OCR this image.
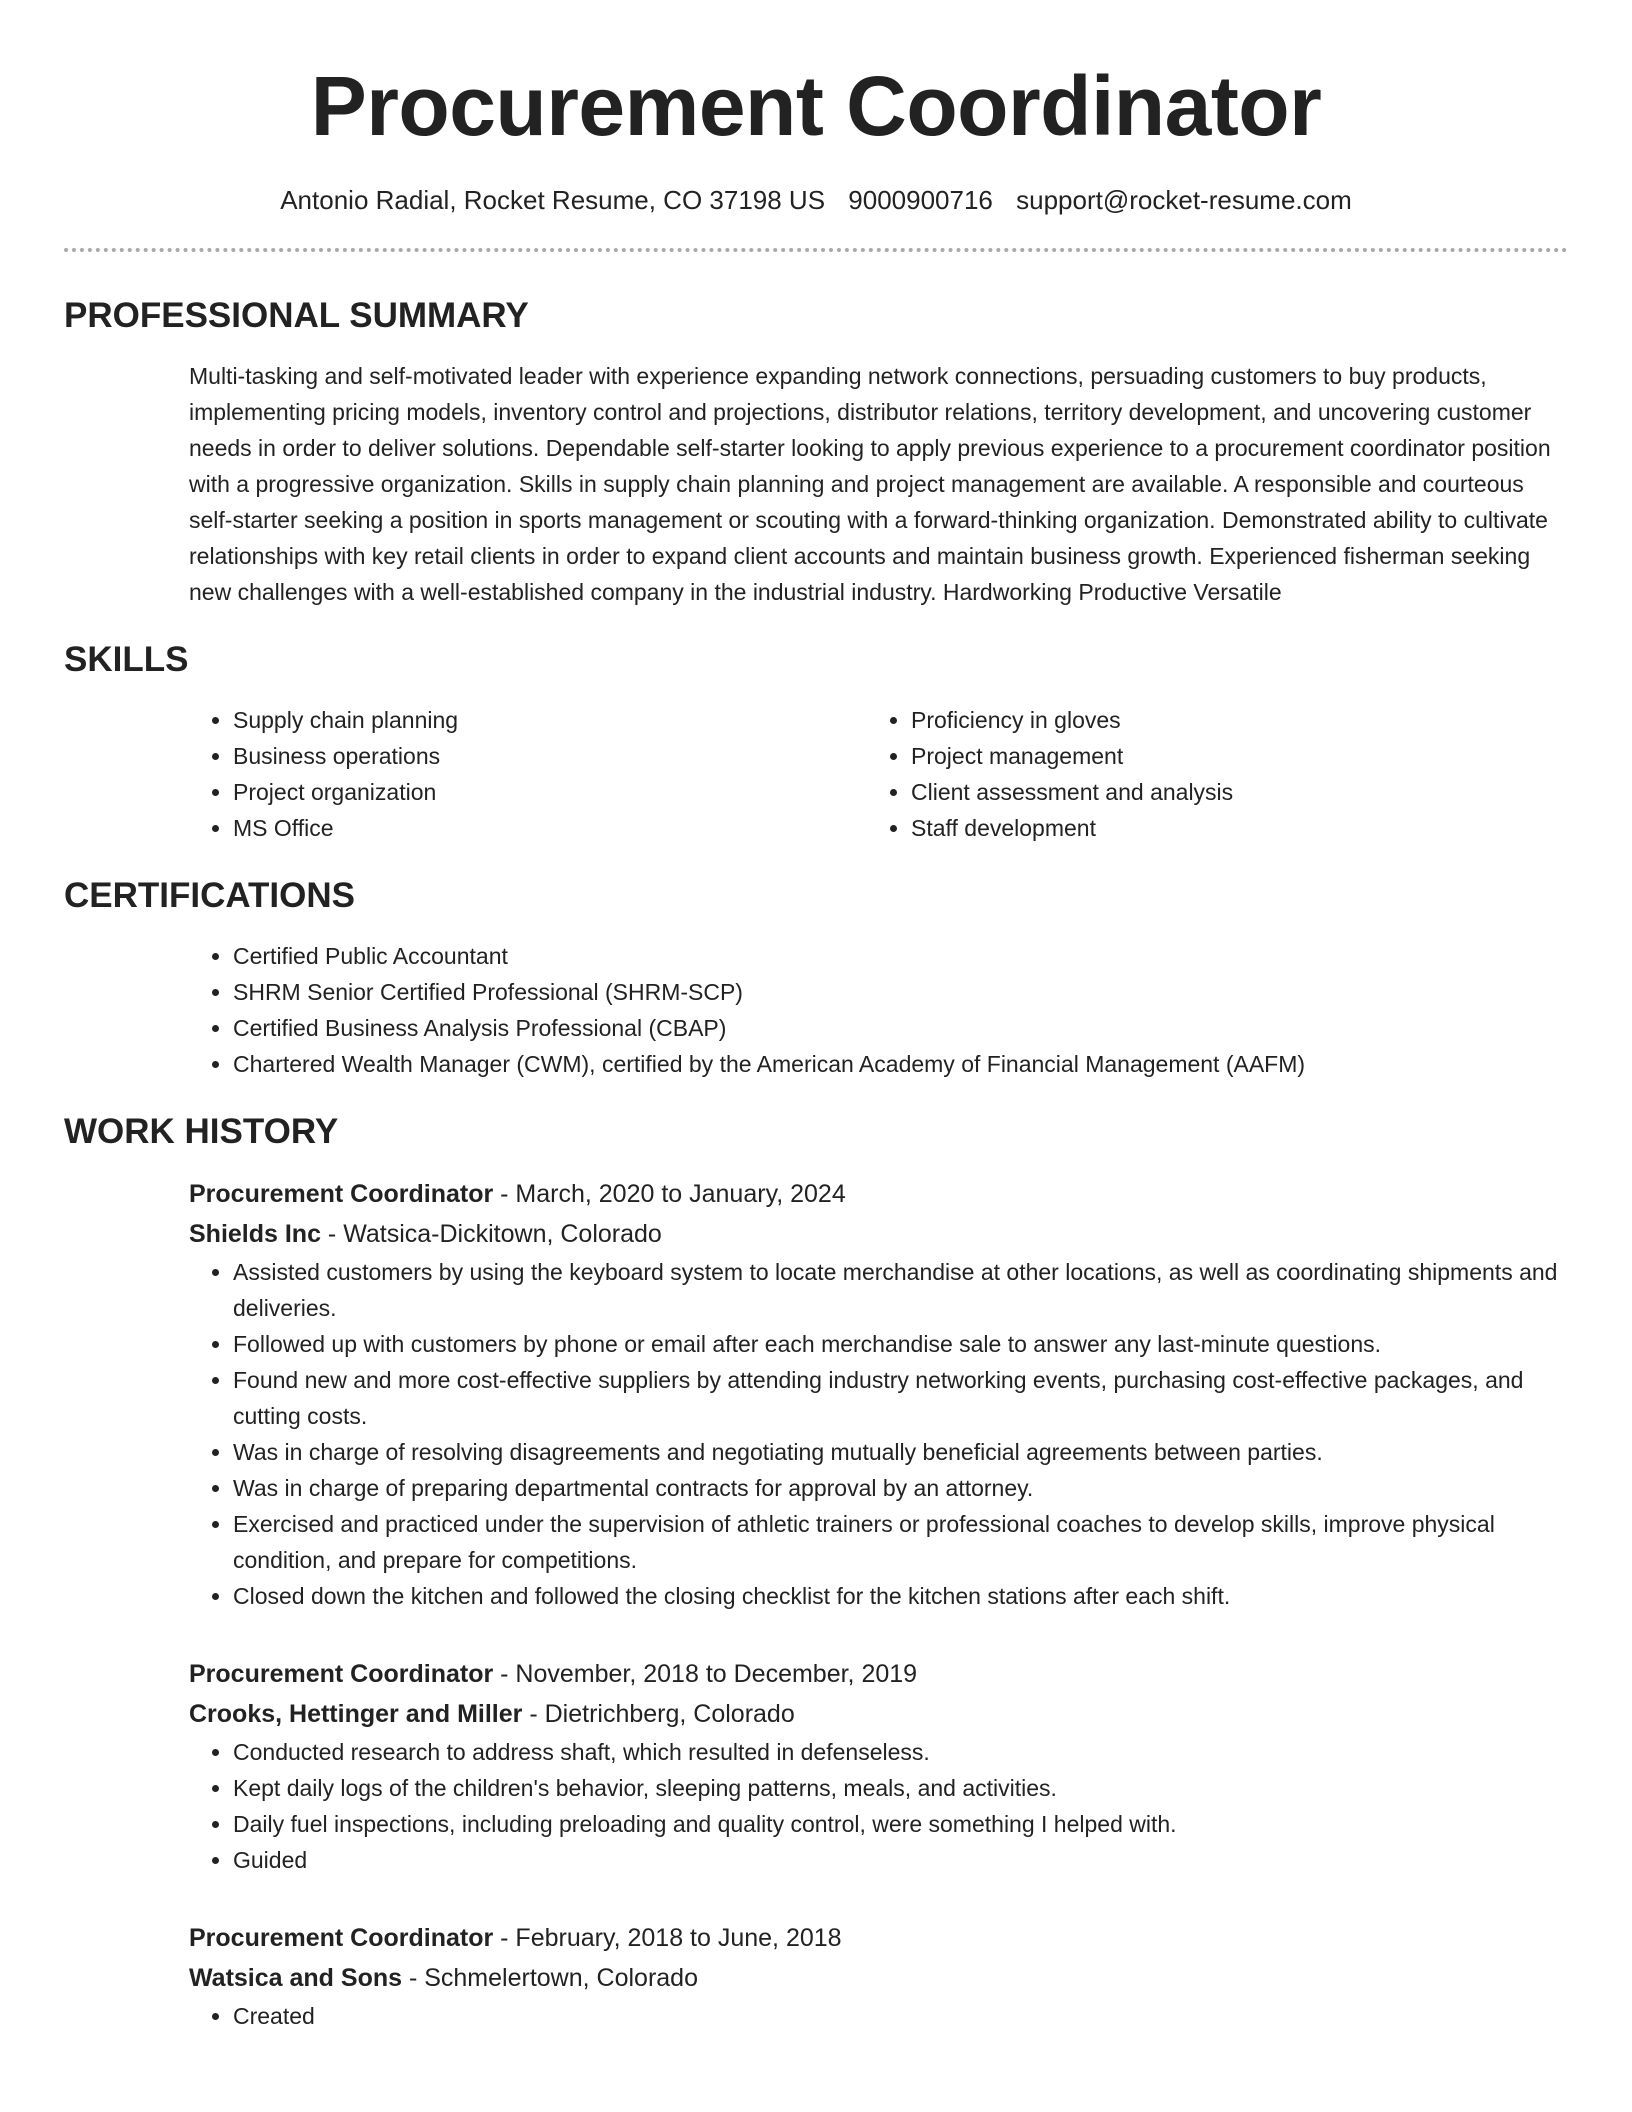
Procurement Coordinator
Antonio Radial, Rocket Resume, CO 37198 US 9000900716 support@rocket-resume.com
PROFESSIONAL SUMMARY

Multi-tasking and self-motivated leader with experience expanding network connections, persuading customers to buy products, implementing pricing models, inventory control and projections, distributor relations, territory development, and uncovering customer needs in order to deliver solutions. Dependable self-starter looking to apply previous experience to a procurement coordinator position with a progressive organization. Skills in supply chain planning and project management are available. A responsible and courteous self-starter seeking a position in sports management or scouting with a forward-thinking organization. Demonstrated ability to cultivate relationships with key retail clients in order to expand client accounts and maintain business growth. Experienced fisherman seeking new challenges with a well-established company in the industrial industry. Hardworking Productive Versatile

SKILLS
• Supply chain planning
• Business operations
• Project organization
• MS Office
• Proficiency in gloves
• Project management
• Client assessment and analysis
• Staff development
CERTIFICATIONS
• Certified Public Accountant
• SHRM Senior Certified Professional (SHRM-SCP)
• Certified Business Analysis Professional (CBAP)
• Chartered Wealth Manager (CWM), certified by the American Academy of Financial Management (AAFM)
WORK HISTORY
Procurement Coordinator - March, 2020 to January, 2024
Shields Inc - Watsica-Dickitown, Colorado
• Assisted customers by using the keyboard system to locate merchandise at other locations, as well as coordinating shipments and deliveries.
• Followed up with customers by phone or email after each merchandise sale to answer any last-minute questions.
• Found new and more cost-effective suppliers by attending industry networking events, purchasing cost-effective packages, and cutting costs.
• Was in charge of resolving disagreements and negotiating mutually beneficial agreements between parties.
• Was in charge of preparing departmental contracts for approval by an attorney.
• Exercised and practiced under the supervision of athletic trainers or professional coaches to develop skills, improve physical condition, and prepare for competitions.
• Closed down the kitchen and followed the closing checklist for the kitchen stations after each shift.
Procurement Coordinator - November, 2018 to December, 2019
Crooks, Hettinger and Miller - Dietrichberg, Colorado
• Conducted research to address shaft, which resulted in defenseless.
• Kept daily logs of the children's behavior, sleeping patterns, meals, and activities.
• Daily fuel inspections, including preloading and quality control, were something I helped with.
• Guided
Procurement Coordinator - February, 2018 to June, 2018
Watsica and Sons - Schmelertown, Colorado
• Created
